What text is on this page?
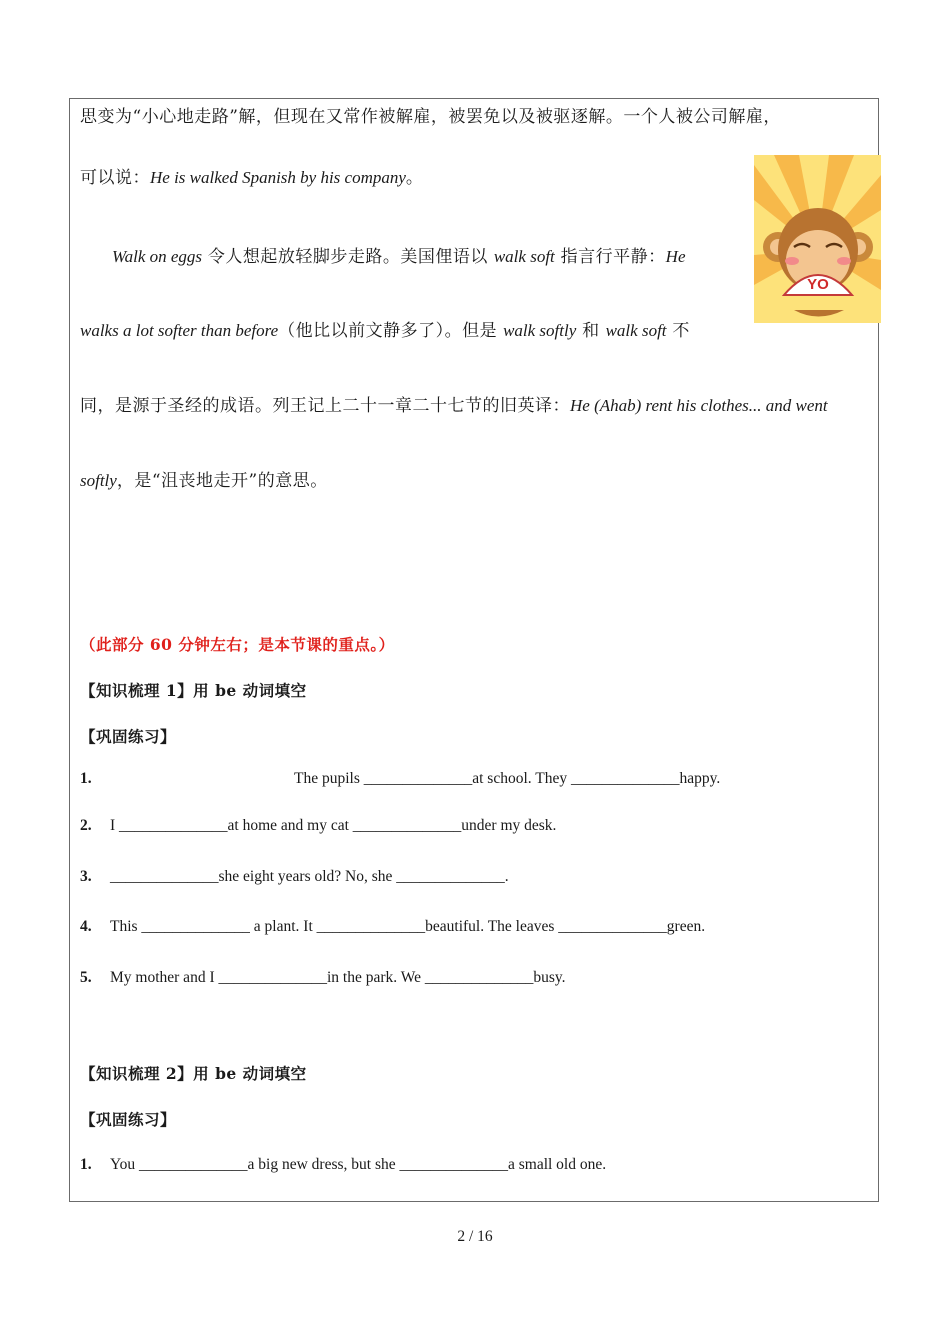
思变为“小心地走路”解，但现在又常作被解雇，被罢免以及被驱逐解。一个人被公司解雇，
可以说：He is walked Spanish by his company。
Walk on eggs 令人想起放轻脚步走路。美国俚语以 walk soft 指言行平静：He
walks a lot softer than before（他比以前文静多了）。但是 walk softly 和 walk soft 不
同，是源于圣经的成语。列王记上二十一章二十七节的旧英译：He (Ahab) rent his clothes... and went
softly，是“沮丧地走开”的意思。
YO
（此部分 60 分钟左右；是本节课的重点。）
【知识梳理 1】用 be 动词填空
【巩固练习】
1.	The pupils ______________at school. They ______________happy.
2. I ______________at home and my cat ______________under my desk.
3. ______________she eight years old? No, she ______________.
4. This ______________ a plant. It ______________beautiful. The leaves ______________green.
5. My mother and I ______________in the park. We ______________busy.
【知识梳理 2】用 be 动词填空
【巩固练习】
1. You ______________a big new dress, but she ______________a small old one.
2 / 16
